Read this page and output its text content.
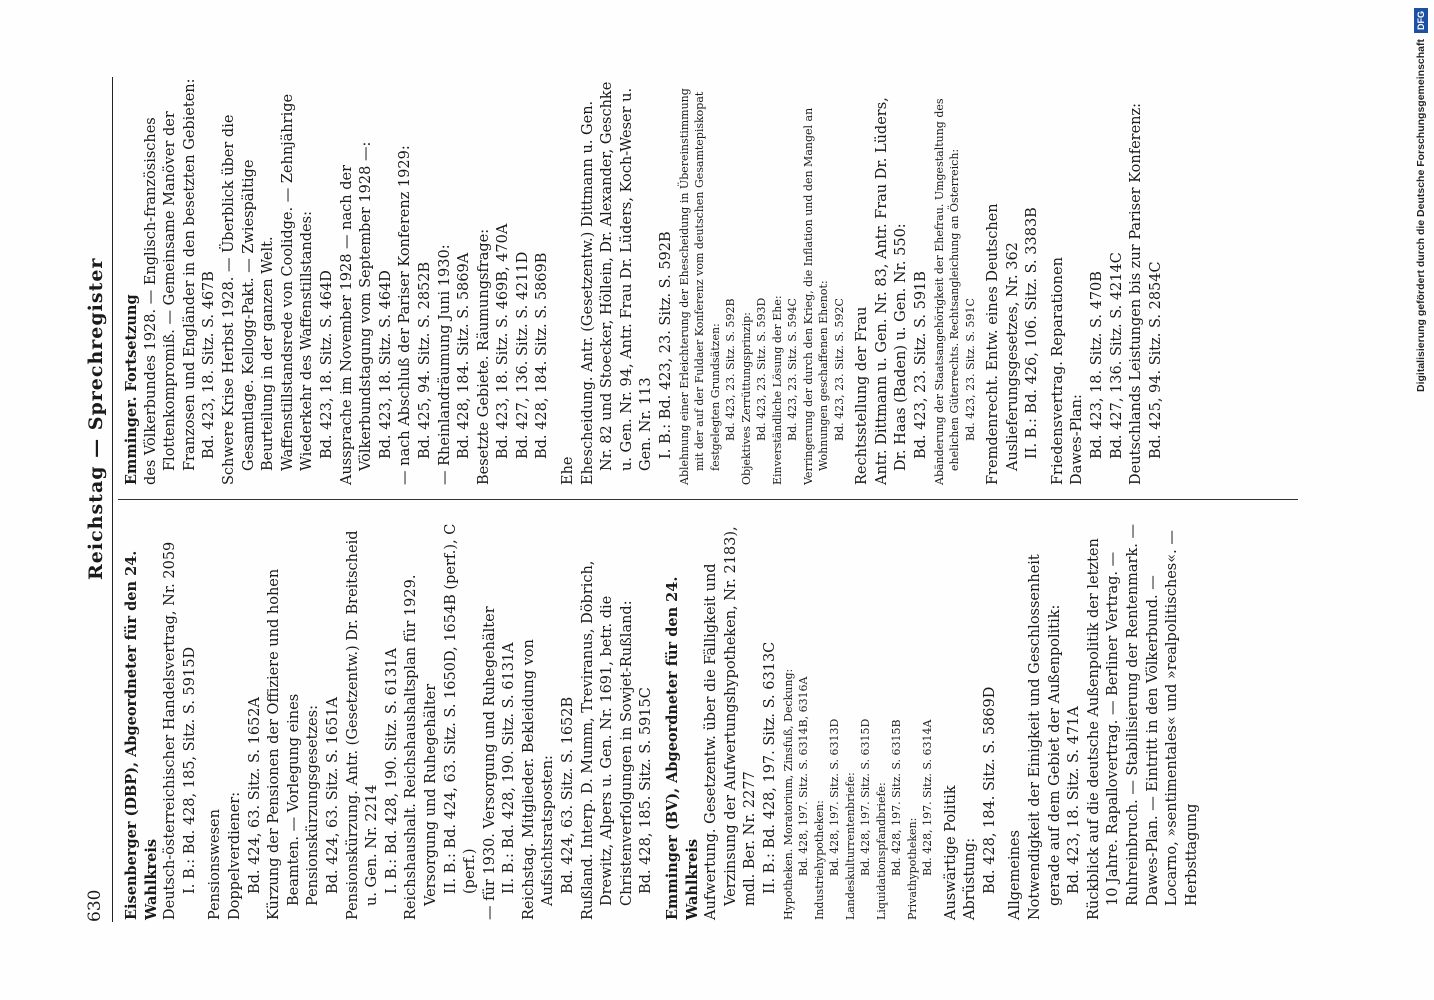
630
Reichstag — Sprechregister

Eisenberger (DBP), Abgeordneter für den 24. Wahlkreis Deutsch-österreichischer Handelsvertrag, Nr. 2059 I. B.: Bd. 428, 185, Sitz. S. 5915D Pensionswesen Doppelverdiener: Bd. 424, 63. Sitz. S. 1652A Kürzung der Pensionen der Offiziere und hohen Beamten. — Vorlegung eines Pensionskürzungsgesetzes: Bd. 424, 63. Sitz. S. 1651A Pensionskürzung. Antr. (Gesetzentw.) Dr. Breitscheid u. Gen. Nr. 2214 I. B.: Bd. 428, 190. Sitz. S. 6131A Reichshaushalt. Reichshaushaltsplan für 1929. Versorgung und Ruhegehälter II. B.: Bd. 424, 63. Sitz. S. 1650D, 1654B (perf.), C (perf.) — für 1930. Versorgung und Ruhegehälter II. B.: Bd. 428, 190. Sitz. S. 6131A Reichstag. Mitglieder. Bekleidung von Aufsichtsratsposten: Bd. 424, 63. Sitz. S. 1652B Rußland. Interp. D. Mumm, Treviranus, Döbrich, Drewitz, Alpers u. Gen. Nr. 1691, betr. die Christenverfolgungen in Sowjet-Rußland: Bd. 428, 185. Sitz. S. 5915C Emminger (BV), Abgeordneter für den 24. Wahlkreis Aufwertung. Gesetzentw. über die Fälligkeit und Verzinsung der Aufwertungshypotheken, Nr. 2183), mdl. Ber. Nr. 2277 II. B.: Bd. 428, 197. Sitz. S. 6313C Hypotheken. Moratorium, Zinsfuß, Deckung: Bd. 428, 197. Sitz. S. 6314B, 6316A Industriehypotheken: Bd. 428, 197. Sitz. S. 6313D Landeskulturrentenbriefe: Bd. 428, 197. Sitz. S. 6315D Liquidationspfandbriefe: Bd. 428, 197. Sitz. S. 6315B Privathypotheken: Bd. 428, 197. Sitz. S. 6314A Auswärtige Politik Abrüstung: Bd. 428, 184. Sitz. S. 5869D Allgemeines Notwendigkeit der Einigkeit und Geschlossenheit gerade auf dem Gebiet der Außenpolitik: Bd. 423, 18. Sitz. S. 471A Rückblick auf die deutsche Außenpolitik der letzten 10 Jahre. Rapallovertrag. — Berliner Vertrag. — Ruhreinbruch. — Stabilisierung der Rentenmark. — Dawes-Plan. — Eintritt in den Völkerbund. — Locarno, »sentimentales« und »realpolitisches«. — Herbsttagung

Emminger. Fortsetzung des Völkerbundes 1928. — Englisch-französisches Flottenkompromiß. — Gemeinsame Manöver der Franzosen und Engländer in den besetzten Gebieten: Bd. 423, 18. Sitz. S. 467B Schwere Krise Herbst 1928. — Überblick über die Gesamtlage. Kellogg-Pakt. — Zwiespältige Beurteilung in der ganzen Welt. Waffenstillstandsrede von Coolidge. — Zehnjährige Wiederkehr des Waffenstillstandes: Bd. 423, 18. Sitz. S. 464D Aussprache im November 1928 — nach der Völkerbundstagung vom September 1928 —: Bd. 423, 18. Sitz. S. 464D — nach Abschluß der Pariser Konferenz 1929: Bd. 425, 94. Sitz. S. 2852B — Rheinlandräumung Juni 1930: Bd. 428, 184. Sitz. S. 5869A Besetzte Gebiete. Räumungsfrage: Bd. 423, 18. Sitz. S. 469B, 470A Bd. 427, 136. Sitz. S. 4211D Bd. 428, 184. Sitz. S. 5869B

Ehe Ehescheidung. Antr. (Gesetzentw.) Dittmann u. Gen. Nr. 82 und Stoecker, Höllein, Dr. Alexander, Geschke u. Gen. Nr. 94, Antr. Frau Dr. Lüders, Koch-Weser u. Gen. Nr. 113 I. B.: Bd. 423, 23. Sitz. S. 592B Ablehnung einer Erleichterung der Ehescheidung in Übereinstimmung mit der auf der Fuldaer Konferenz vom deutschen Gesamtepiskopat festgelegten Grundsätzen: Bd. 423, 23. Sitz. S. 592B Objektives Zerrüttungsprinzip: Bd. 423, 23. Sitz. S. 593D Einverständliche Lösung der Ehe: Bd. 423, 23. Sitz. S. 594C Verringerung der durch den Krieg, die Inflation und den Mangel an Wohnungen geschaffenen Ehenot: Bd. 423, 23. Sitz. S. 592C Rechtsstellung der Frau Antr. Dittmann u. Gen. Nr. 83, Antr. Frau Dr. Lüders, Dr. Haas (Baden) u. Gen. Nr. 550: Bd. 423, 23. Sitz. S. 591B Abänderung der Staatsangehörigkeit der Ehefrau. Umgestaltung des ehelichen Güterrechts. Rechtsangleichung an Österreich: Bd. 423, 23. Sitz. S. 591C Fremdenrecht. Entw. eines Deutschen Auslieferungsgesetzes, Nr. 362 II. B.: Bd. 426, 106. Sitz. S. 3383B Friedensvertrag. Reparationen Dawes-Plan: Bd. 423, 18. Sitz. S. 470B Bd. 427, 136. Sitz. S. 4214C Deutschlands Leistungen bis zur Pariser Konferenz: Bd. 425, 94. Sitz. S. 2854C	Digitalisierung gefördert durch die Deutsche ForschungsgemeinschaftDFG
